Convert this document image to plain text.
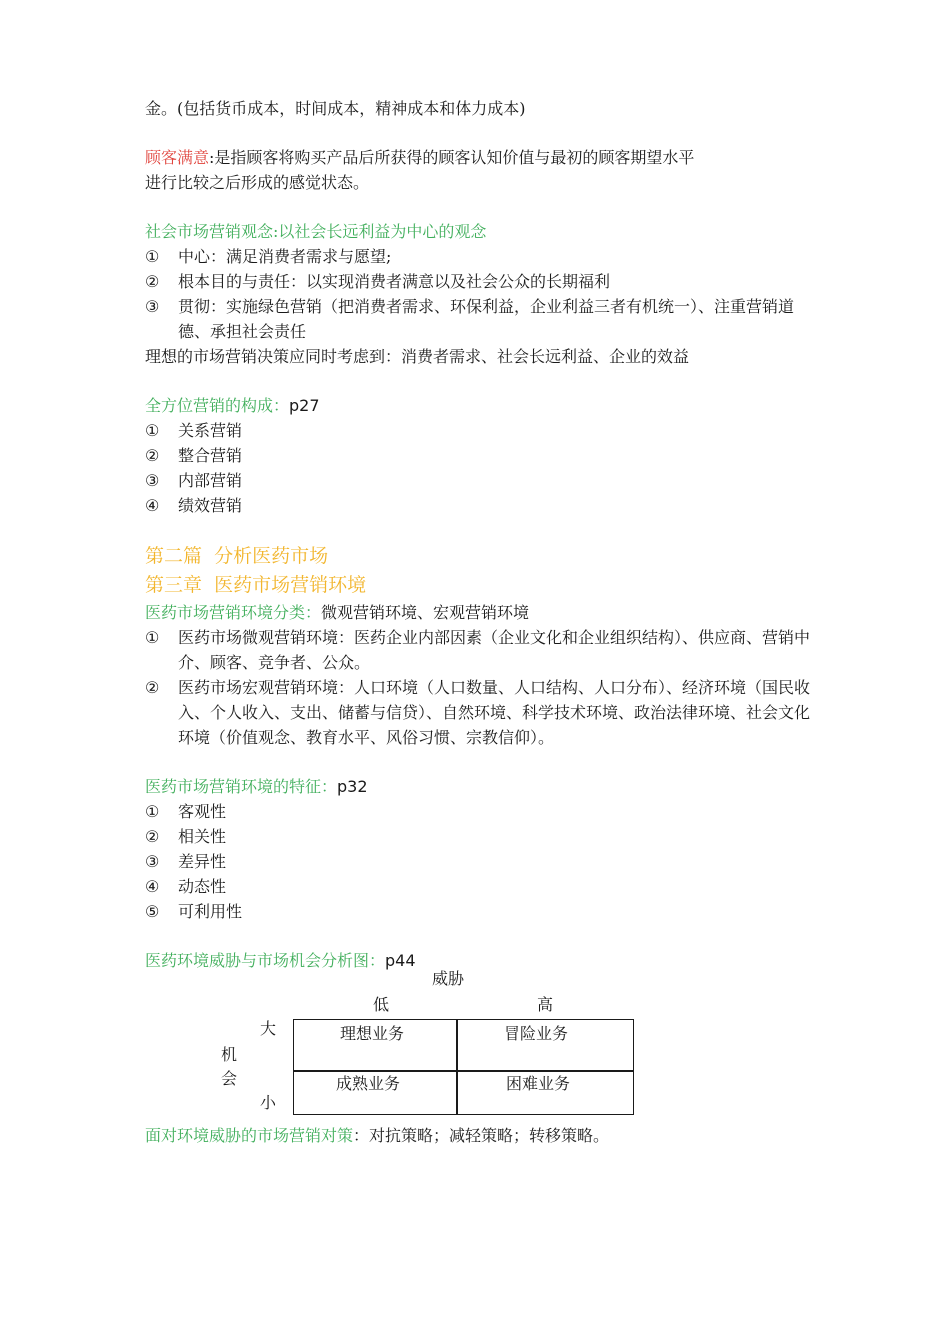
金。(包括货币成本，时间成本，精神成本和体力成本)
顾客满意:是指顾客将购买产品后所获得的顾客认知价值与最初的顾客期望水平
进行比较之后形成的感觉状态。
社会市场营销观念:以社会长远利益为中心的观念
①	中心：满足消费者需求与愿望;
②	根本目的与责任：以实现消费者满意以及社会公众的长期福利
③	贯彻：实施绿色营销（把消费者需求、环保利益，企业利益三者有机统一）、注重营销道德、承担社会责任
理想的市场营销决策应同时考虑到：消费者需求、社会长远利益、企业的效益
全方位营销的构成：p27
①	关系营销
②	整合营销
③	内部营销
④	绩效营销
第二篇  分析医药市场
第三章  医药市场营销环境
医药市场营销环境分类：微观营销环境、宏观营销环境
①	医药市场微观营销环境：医药企业内部因素（企业文化和企业组织结构）、供应商、营销中介、顾客、竞争者、公众。
②	医药市场宏观营销环境：人口环境（人口数量、人口结构、人口分布）、经济环境（国民收入、个人收入、支出、储蓄与信贷）、自然环境、科学技术环境、政治法律环境、社会文化环境（价值观念、教育水平、风俗习惯、宗教信仰）。
医药市场营销环境的特征：p32
①	客观性
②	相关性
③	差异性
④	动态性
⑤	可利用性
医药环境威胁与市场机会分析图：p44
威胁
低	高
大
机
会
小
理想业务	冒险业务
成熟业务	困难业务
面对环境威胁的市场营销对策：对抗策略；减轻策略；转移策略。
